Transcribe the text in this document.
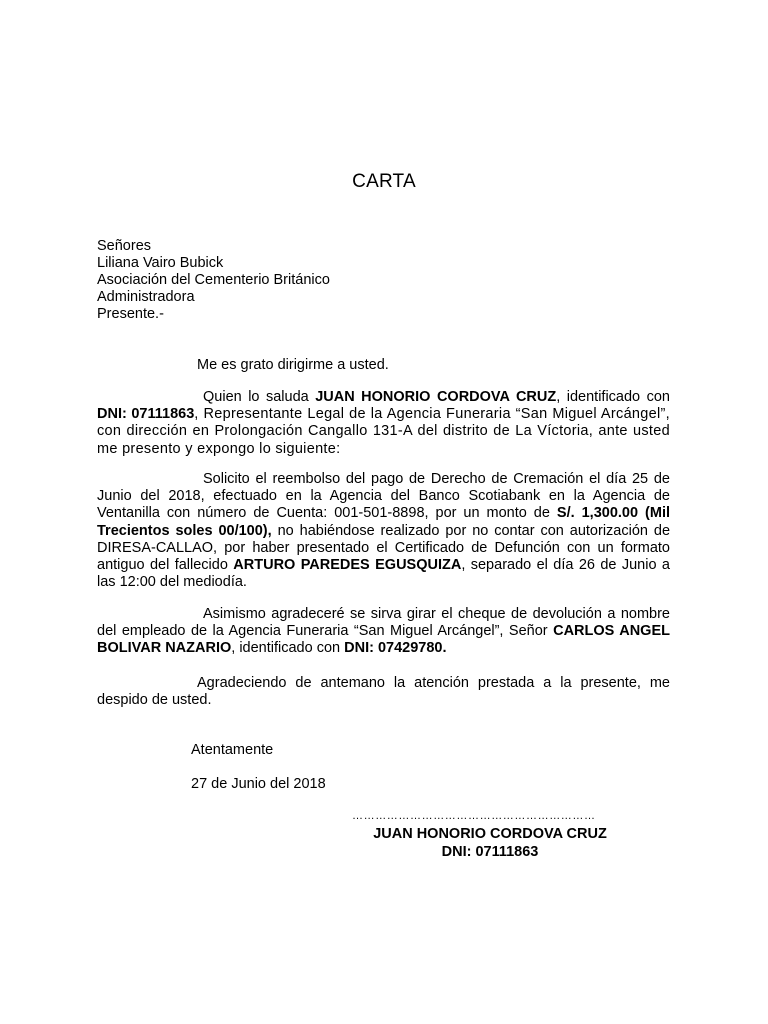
CARTA
Señores
Liliana Vairo Bubick
Asociación del Cementerio Británico
Administradora
Presente.-
Me es grato dirigirme a usted.
Quien lo saluda JUAN HONORIO CORDOVA CRUZ, identificado con DNI: 07111863, Representante Legal de la Agencia Funeraria “San Miguel Arcángel”, con dirección en Prolongación Cangallo 131-A del distrito de La Víctoria, ante usted me presento y expongo lo siguiente:
Solicito el reembolso del pago de Derecho de Cremación el día 25 de Junio del 2018, efectuado en la Agencia del Banco Scotiabank en la Agencia de Ventanilla con número de Cuenta: 001-501-8898, por un monto de S/. 1,300.00 (Mil Trecientos soles 00/100), no habiéndose realizado por no contar con autorización de DIRESA-CALLAO, por haber presentado el Certificado de Defunción con un formato antiguo del fallecido ARTURO PAREDES EGUSQUIZA, separado el día 26 de Junio a las 12:00 del mediodía.
Asimismo agradeceré se sirva girar el cheque de devolución a nombre del empleado de la Agencia Funeraria “San Miguel Arcángel”, Señor CARLOS ANGEL BOLIVAR NAZARIO, identificado con DNI: 07429780.
Agradeciendo de antemano la atención prestada a la presente, me despido de usted.
Atentamente
27 de Junio del 2018
………………………………………………………
JUAN HONORIO CORDOVA CRUZ
DNI: 07111863
